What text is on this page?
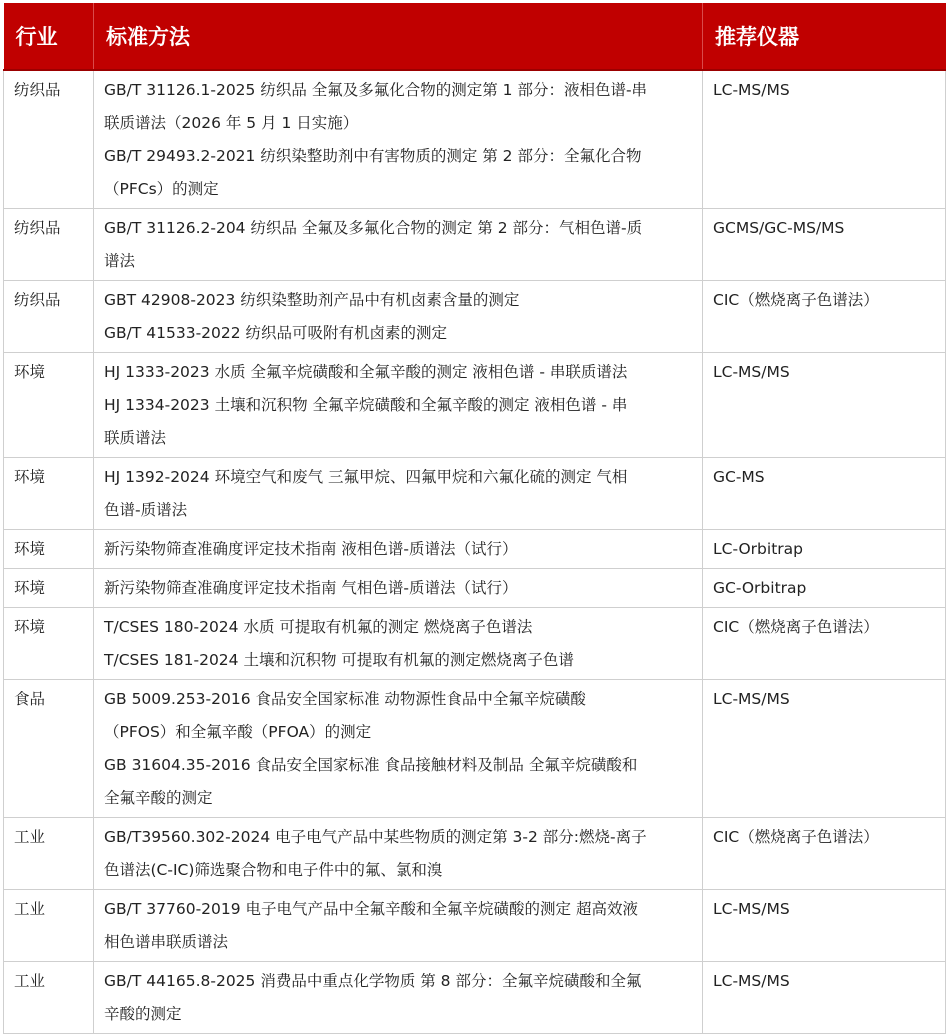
行业	标准方法	推荐仪器
纺织品	GB/T 31126.1-2025 纺织品 全氟及多氟化合物的测定第 1 部分：液相色谱-串
联质谱法（2026 年 5 月 1 日实施）
GB/T 29493.2-2021 纺织染整助剂中有害物质的测定 第 2 部分：全氟化合物
（PFCs）的测定	LC-MS/MS
纺织品	GB/T 31126.2-204 纺织品 全氟及多氟化合物的测定 第 2 部分：气相色谱-质
谱法	GCMS/GC-MS/MS
纺织品	GBT 42908-2023 纺织染整助剂产品中有机卤素含量的测定
GB/T 41533-2022 纺织品可吸附有机卤素的测定	CIC（燃烧离子色谱法）
环境	HJ 1333-2023 水质 全氟辛烷磺酸和全氟辛酸的测定 液相色谱 - 串联质谱法
HJ 1334-2023 土壤和沉积物 全氟辛烷磺酸和全氟辛酸的测定 液相色谱 - 串
联质谱法	LC-MS/MS
环境	HJ 1392-2024 环境空气和废气 三氟甲烷、四氟甲烷和六氟化硫的测定 气相
色谱-质谱法	GC-MS
环境	新污染物筛查准确度评定技术指南 液相色谱-质谱法（试行）	LC-Orbitrap
环境	新污染物筛查准确度评定技术指南 气相色谱-质谱法（试行）	GC-Orbitrap
环境	T/CSES 180-2024 水质 可提取有机氟的测定 燃烧离子色谱法
T/CSES 181-2024 土壤和沉积物 可提取有机氟的测定燃烧离子色谱	CIC（燃烧离子色谱法）
食品	GB 5009.253-2016 食品安全国家标准 动物源性食品中全氟辛烷磺酸
（PFOS）和全氟辛酸（PFOA）的测定
GB 31604.35-2016 食品安全国家标准 食品接触材料及制品 全氟辛烷磺酸和
全氟辛酸的测定	LC-MS/MS
工业	GB/T39560.302-2024 电子电气产品中某些物质的测定第 3-2 部分:燃烧-离子
色谱法(C-IC)筛选聚合物和电子件中的氟、氯和溴	CIC（燃烧离子色谱法）
工业	GB/T 37760-2019 电子电气产品中全氟辛酸和全氟辛烷磺酸的测定 超高效液
相色谱串联质谱法	LC-MS/MS
工业	GB/T 44165.8-2025 消费品中重点化学物质 第 8 部分：全氟辛烷磺酸和全氟
辛酸的测定	LC-MS/MS
